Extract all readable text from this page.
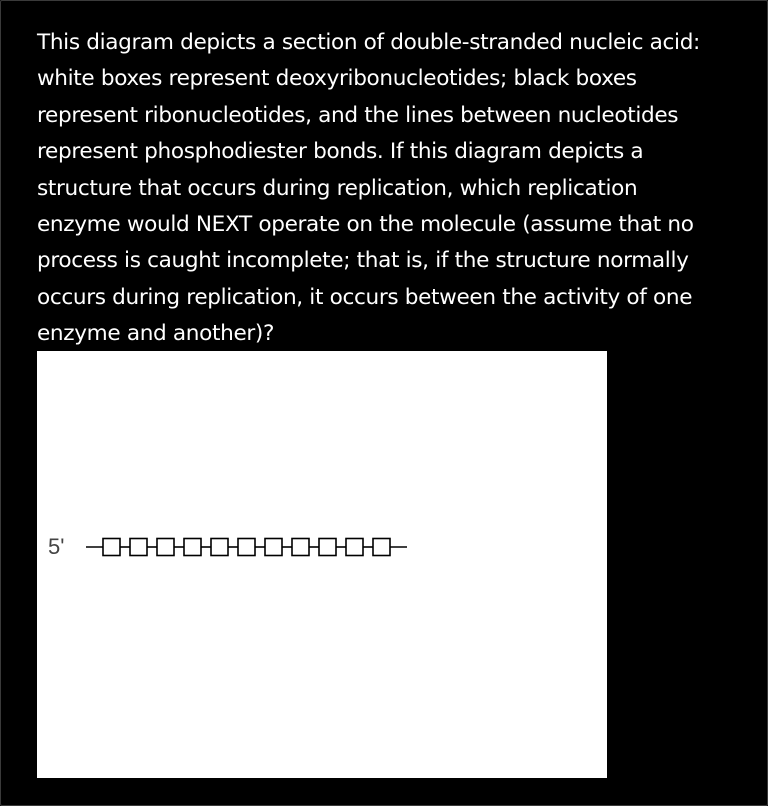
This diagram depicts a section of double-stranded nucleic acid:
white boxes represent deoxyribonucleotides; black boxes
represent ribonucleotides, and the lines between nucleotides
represent phosphodiester bonds. If this diagram depicts a
structure that occurs during replication, which replication
enzyme would NEXT operate on the molecule (assume that no
process is caught incomplete; that is, if the structure normally
occurs during replication, it occurs between the activity of one
enzyme and another)?
5'
